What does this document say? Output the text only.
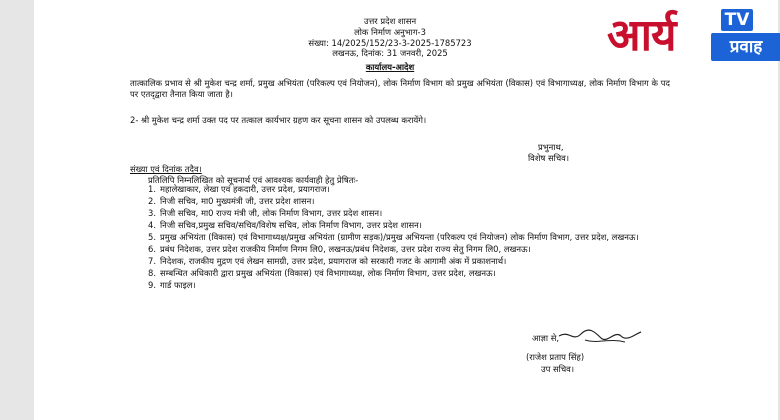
उत्तर प्रदेश शासन
लोक निर्माण अनुभाग-3
संख्या: 14/2025/152/23-3-2025-1785723
लखनऊ, दिनांक: 31 जनवरी, 2025
कार्यालय-आदेश
तात्कालिक प्रभाव से श्री मुकेश चन्द्र शर्मा, प्रमुख अभियंता (परिकल्प एवं नियोजन), लोक निर्माण विभाग को प्रमुख अभियंता (विकास) एवं विभागाध्यक्ष, लोक निर्माण विभाग के पद पर एतद्‌द्वारा तैनात किया जाता है।
2- श्री मुकेश चन्द्र शर्मा उक्त पद पर तत्काल कार्यभार ग्रहण कर सूचना शासन को उपलब्ध करायेंगे।
प्रभुनाथ,
विशेष सचिव।
संख्या एवं दिनांक तदैव।
प्रतिलिपि निम्नलिखित को सूचनार्थ एवं आवश्यक कार्यवाही हेतु प्रेषितः-
1. महालेखाकार, लेखा एवं हकदारी, उत्तर प्रदेश, प्रयागराज।
2. निजी सचिव, मा0 मुख्यमंत्री जी, उत्तर प्रदेश शासन।
3. निजी सचिव, मा0 राज्य मंत्री जी, लोक निर्माण विभाग, उत्तर प्रदेश शासन।
4. निजी सचिव,प्रमुख सचिव/सचिव/विशेष सचिव, लोक निर्माण विभाग, उत्तर प्रदेश शासन।
5. प्रमुख अभियंता (विकास) एवं विभागाध्यक्ष/प्रमुख अभियंता (ग्रामीण सड़क)/प्रमुख अभियन्ता (परिकल्प एवं नियोजन) लोक निर्माण विभाग, उत्तर प्रदेश, लखनऊ।
6. प्रबंध निदेशक, उत्तर प्रदेश राजकीय निर्माण निगम लि0, लखनऊ/प्रबंध निदेशक, उत्तर प्रदेश राज्य सेतु निगम लि0, लखनऊ।
7. निदेशक, राजकीय मुद्रण एवं लेखन सामग्री, उत्तर प्रदेश, प्रयागराज को सरकारी गजट के आगामी अंक में प्रकाशनार्थ।
8. सम्बन्धित अधिकारी द्वारा प्रमुख अभियंता (विकास) एवं विभागाध्यक्ष, लोक निर्माण विभाग, उत्तर प्रदेश, लखनऊ।
9. गार्ड फाइल।
आज्ञा से,
(राजेश प्रताप सिंह)
उप सचिव।
आर्य	TV
प्रवाह
